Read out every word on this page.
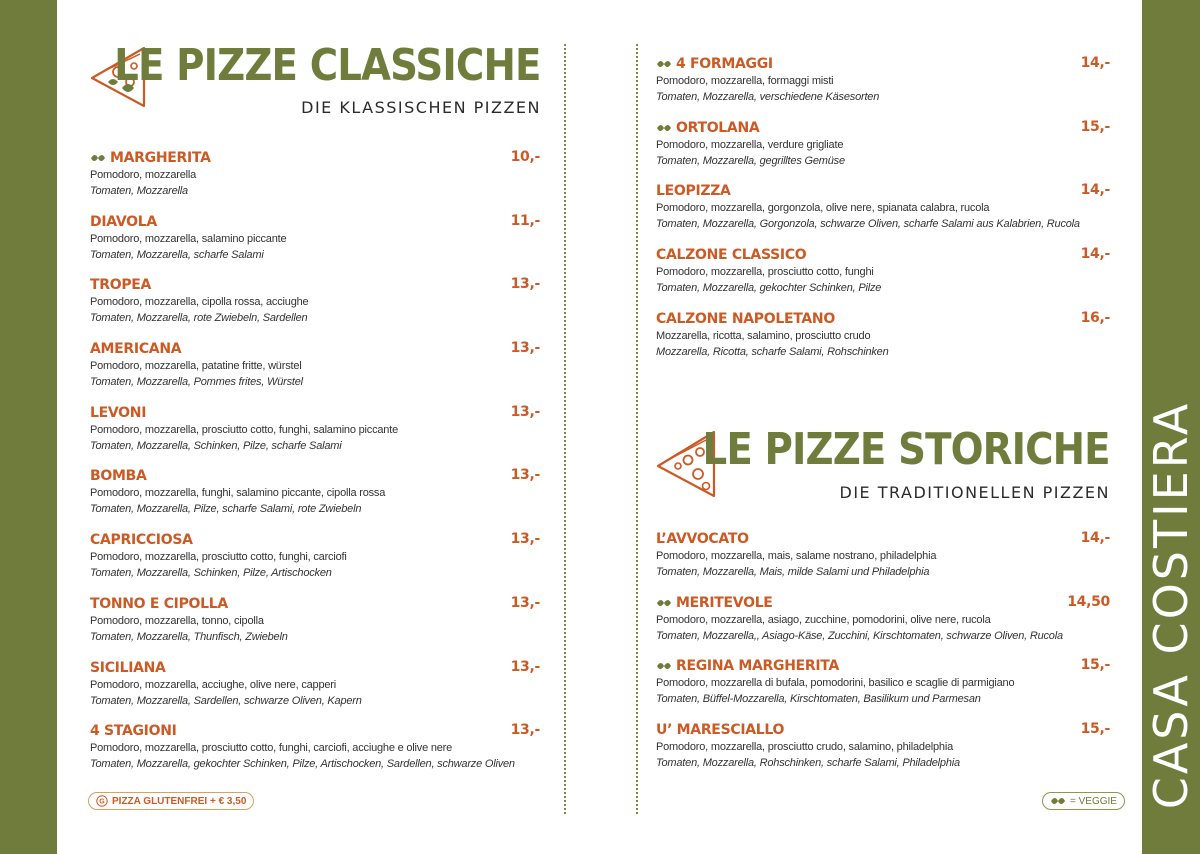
CASA COSTIERA
LE PIZZE CLASSICHE
DIE KLASSISCHEN PIZZEN
MARGHERITA	10,-
Pomodoro, mozzarella
Tomaten, Mozzarella
DIAVOLA	11,-
Pomodoro, mozzarella, salamino piccante
Tomaten, Mozzarella, scharfe Salami
TROPEA	13,-
Pomodoro, mozzarella, cipolla rossa, acciughe
Tomaten, Mozzarella, rote Zwiebeln, Sardellen
AMERICANA	13,-
Pomodoro, mozzarella, patatine fritte, würstel
Tomaten, Mozzarella, Pommes frites, Würstel
LEVONI	13,-
Pomodoro, mozzarella, prosciutto cotto, funghi, salamino piccante
Tomaten, Mozzarella, Schinken, Pilze, scharfe Salami
BOMBA	13,-
Pomodoro, mozzarella, funghi, salamino piccante, cipolla rossa
Tomaten, Mozzarella, Pilze, scharfe Salami, rote Zwiebeln
CAPRICCIOSA	13,-
Pomodoro, mozzarella, prosciutto cotto, funghi, carciofi
Tomaten, Mozzarella, Schinken, Pilze, Artischocken
TONNO E CIPOLLA	13,-
Pomodoro, mozzarella, tonno, cipolla
Tomaten, Mozzarella, Thunfisch, Zwiebeln
SICILIANA	13,-
Pomodoro, mozzarella, acciughe, olive nere, capperi
Tomaten, Mozzarella, Sardellen, schwarze Oliven, Kapern
4 STAGIONI	13,-
Pomodoro, mozzarella, prosciutto cotto, funghi, carciofi, acciughe e olive nere
Tomaten, Mozzarella, gekochter Schinken, Pilze, Artischocken, Sardellen, schwarze Oliven
G PIZZA GLUTENFREI + € 3,50
4 FORMAGGI	14,-
Pomodoro, mozzarella, formaggi misti
Tomaten, Mozzarella, verschiedene Käsesorten
ORTOLANA	15,-
Pomodoro, mozzarella, verdure grigliate
Tomaten, Mozzarella, gegrilltes Gemüse
LEOPIZZA	14,-
Pomodoro, mozzarella, gorgonzola, olive nere, spianata calabra, rucola
Tomaten, Mozzarella, Gorgonzola, schwarze Oliven, scharfe Salami aus Kalabrien, Rucola
CALZONE CLASSICO	14,-
Pomodoro, mozzarella, prosciutto cotto, funghi
Tomaten, Mozzarella, gekochter Schinken, Pilze
CALZONE NAPOLETANO	16,-
Mozzarella, ricotta, salamino, prosciutto crudo
Mozzarella, Ricotta, scharfe Salami, Rohschinken
LE PIZZE STORICHE
DIE TRADITIONELLEN PIZZEN
L’AVVOCATO	14,-
Pomodoro, mozzarella, mais, salame nostrano, philadelphia
Tomaten, Mozzarella, Mais, milde Salami und Philadelphia
MERITEVOLE	14,50
Pomodoro, mozzarella, asiago, zucchine, pomodorini, olive nere, rucola
Tomaten, Mozzarella,, Asiago-Käse, Zucchini, Kirschtomaten, schwarze Oliven, Rucola
REGINA MARGHERITA	15,-
Pomodoro, mozzarella di bufala, pomodorini, basilico e scaglie di parmigiano
Tomaten, Büffel-Mozzarella, Kirschtomaten, Basilikum und Parmesan
U’ MARESCIALLO	15,-
Pomodoro, mozzarella, prosciutto crudo, salamino, philadelphia
Tomaten, Mozzarella, Rohschinken, scharfe Salami, Philadelphia
= VEGGIE
